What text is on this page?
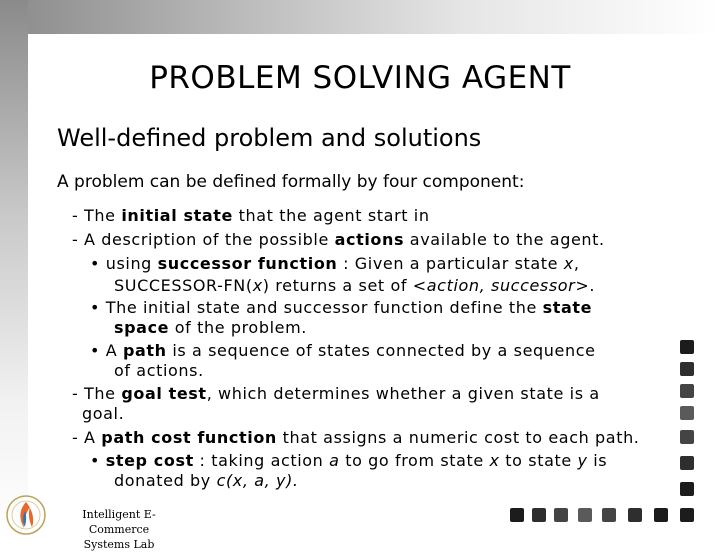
PROBLEM SOLVING AGENT
Well-defined problem and solutions
A problem can be defined formally by four component:
- The initial state that the agent start in
- A description of the possible actions available to the agent.
• using successor function : Given a particular state x,
SUCCESSOR-FN(x) returns a set of <action, successor>.
• The initial state and successor function define the state
space of the problem.
• A path is a sequence of states connected by a sequence
of actions.
- The goal test, which determines whether a given state is a
goal.
- A path cost function that assigns a numeric cost to each path.
• step cost : taking action a to go from state x to state y is
donated by c(x, a, y).
Intelligent E-Commerce
Systems Lab
